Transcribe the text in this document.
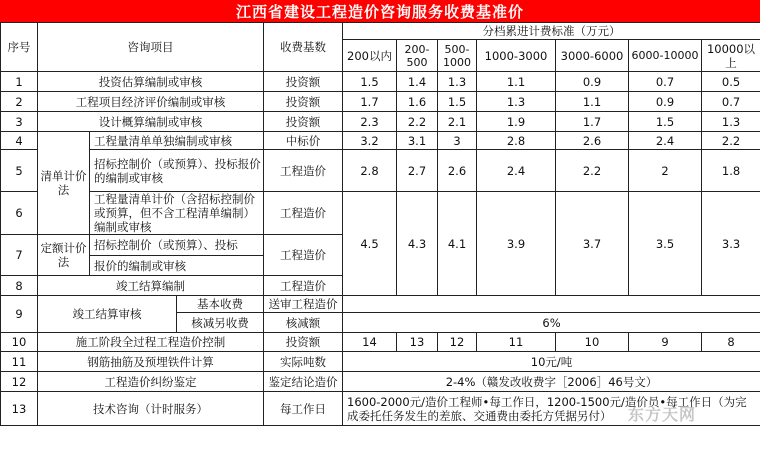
江西省建设工程造价咨询服务收费基准价
序号	咨询项目			收费基数	分档累进计费标准（万元）						
					200以内	200-500	500-1000	1000-3000	3000-6000	6000-10000	10000以上
1	投资估算编制或审核			投资额	1.5	1.4	1.3	1.1	0.9	0.7	0.5
2	工程项目经济评价编制或审核			投资额	1.7	1.6	1.5	1.3	1.1	0.9	0.7
3	设计概算编制或审核			投资额	2.3	2.2	2.1	1.9	1.7	1.5	1.3
4	清单计价法	工程量清单单独编制或审核		中标价	3.2	3.1	3	2.8	2.6	2.4	2.2
5		招标控制价（或预算）、投标报价的编制或审核		工程造价	2.8	2.7	2.6	2.4	2.2	2	1.8
6		工程量清单计价（含招标控制价或预算，但不含工程清单编制）编制或审核		工程造价	4.5	4.3	4.1	3.9	3.7	3.5	3.3
7	定额计价法	招标控制价（或预算）、投标		工程造价							
		报价的编制或审核									
8	竣工结算编制			工程造价							
9	竣工结算审核		基本收费	送审工程造价							
			核减另收费	核减额	6%						
10	施工阶段全过程工程造价控制			投资额	14	13	12	11	10	9	8
11	钢筋抽筋及预埋铁件计算			实际吨数	10元/吨						
12	工程造价纠纷鉴定			鉴定结论造价	2-4%（赣发改收费字［2006］46号文）						
13	技术咨询（计时服务）			每工作日	1600-2000元/造价工程师•每工作日，1200-1500元/造价员•每工作日（为完成委托任务发生的差旅、交通费由委托方凭据另付）						东方天网
